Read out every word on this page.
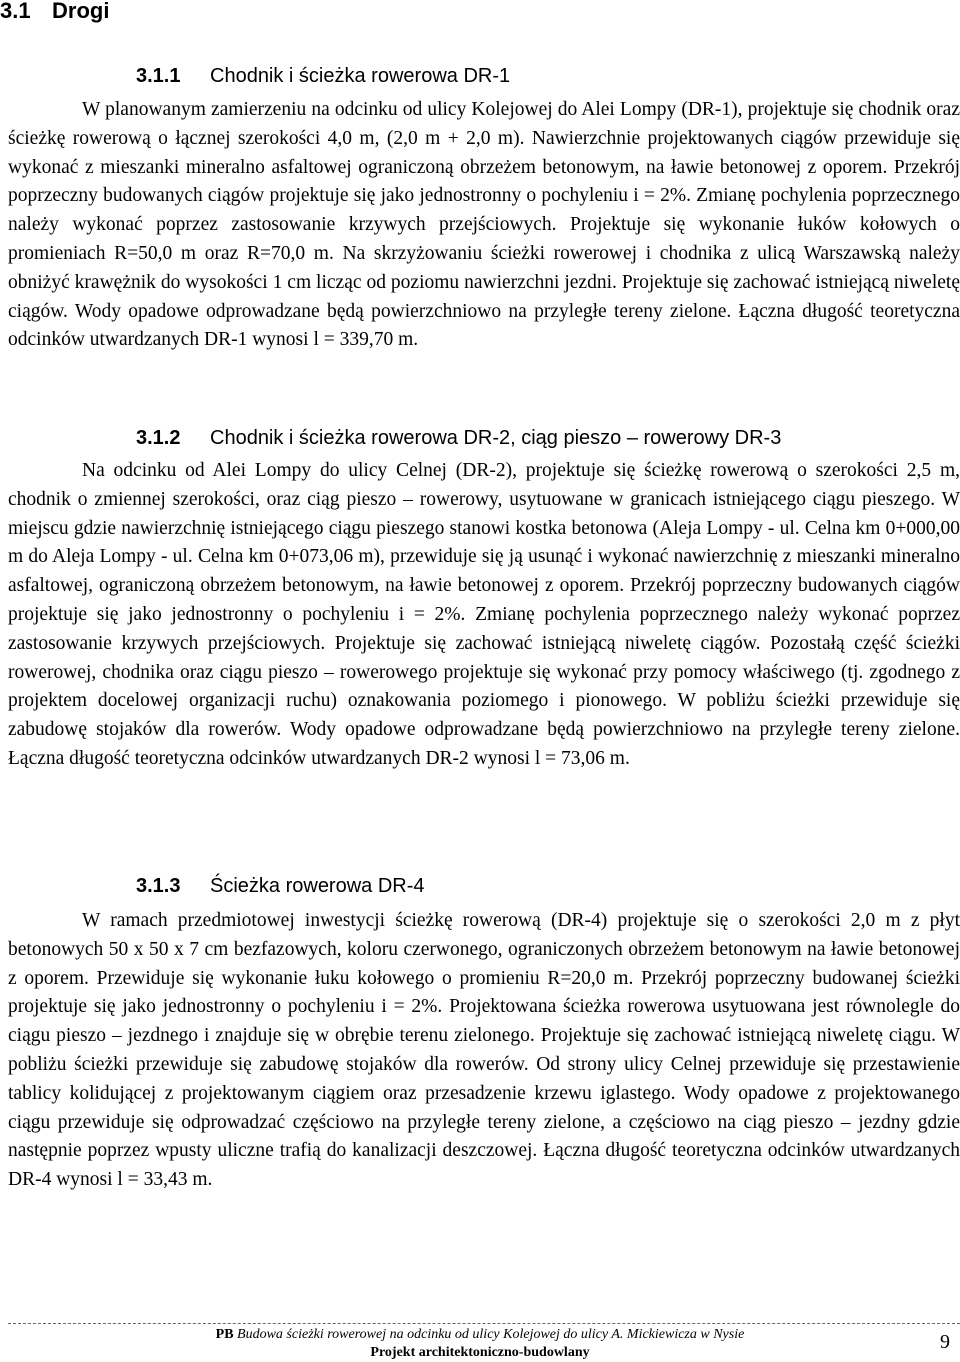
3.1 Drogi
3.1.1 Chodnik i ścieżka rowerowa DR-1

W planowanym zamierzeniu na odcinku od ulicy Kolejowej do Alei Lompy (DR-1), projektuje się chodnik oraz ścieżkę rowerową o łącznej szerokości 4,0 m, (2,0 m + 2,0 m). Nawierzchnie projektowanych ciągów przewiduje się wykonać z mieszanki mineralno asfaltowej ograniczoną obrzeżem betonowym, na ławie betonowej z oporem. Przekrój poprzeczny budowanych ciągów projektuje się jako jednostronny o pochyleniu i = 2%. Zmianę pochylenia poprzecznego należy wykonać poprzez zastosowanie krzywych przejściowych. Projektuje się wykonanie łuków kołowych o promieniach R=50,0 m oraz R=70,0 m. Na skrzyżowaniu ścieżki rowerowej i chodnika z ulicą Warszawską należy obniżyć krawężnik do wysokości 1 cm licząc od poziomu nawierzchni jezdni. Projektuje się zachować istniejącą niweletę ciągów. Wody opadowe odprowadzane będą powierzchniowo na przyległe tereny zielone. Łączna długość teoretyczna odcinków utwardzanych DR-1 wynosi l = 339,70 m.

3.1.2 Chodnik i ścieżka rowerowa DR-2, ciąg pieszo – rowerowy DR-3

Na odcinku od Alei Lompy do ulicy Celnej (DR-2), projektuje się ścieżkę rowerową o szerokości 2,5 m, chodnik o zmiennej szerokości, oraz ciąg pieszo – rowerowy, usytuowane w granicach istniejącego ciągu pieszego. W miejscu gdzie nawierzchnię istniejącego ciągu pieszego stanowi kostka betonowa (Aleja Lompy - ul. Celna km 0+000,00 m do Aleja Lompy - ul. Celna km 0+073,06 m), przewiduje się ją usunąć i wykonać nawierzchnię z mieszanki mineralno asfaltowej, ograniczoną obrzeżem betonowym, na ławie betonowej z oporem. Przekrój poprzeczny budowanych ciągów projektuje się jako jednostronny o pochyleniu i = 2%. Zmianę pochylenia poprzecznego należy wykonać poprzez zastosowanie krzywych przejściowych. Projektuje się zachować istniejącą niweletę ciągów. Pozostałą część ścieżki rowerowej, chodnika oraz ciągu pieszo – rowerowego projektuje się wykonać przy pomocy właściwego (tj. zgodnego z projektem docelowej organizacji ruchu) oznakowania poziomego i pionowego. W pobliżu ścieżki przewiduje się zabudowę stojaków dla rowerów. Wody opadowe odprowadzane będą powierzchniowo na przyległe tereny zielone. Łączna długość teoretyczna odcinków utwardzanych DR-2 wynosi l = 73,06 m.

3.1.3 Ścieżka rowerowa DR-4

W ramach przedmiotowej inwestycji ścieżkę rowerową (DR-4) projektuje się o szerokości 2,0 m z płyt betonowych 50 x 50 x 7 cm bezfazowych, koloru czerwonego, ograniczonych obrzeżem betonowym na ławie betonowej z oporem. Przewiduje się wykonanie łuku kołowego o promieniu R=20,0 m. Przekrój poprzeczny budowanej ścieżki projektuje się jako jednostronny o pochyleniu i = 2%. Projektowana ścieżka rowerowa usytuowana jest równolegle do ciągu pieszo – jezdnego i znajduje się w obrębie terenu zielonego. Projektuje się zachować istniejącą niweletę ciągu. W pobliżu ścieżki przewiduje się zabudowę stojaków dla rowerów. Od strony ulicy Celnej przewiduje się przestawienie tablicy kolidującej z projektowanym ciągiem oraz przesadzenie krzewu iglastego. Wody opadowe z projektowanego ciągu przewiduje się odprowadzać częściowo na przyległe tereny zielone, a częściowo na ciąg pieszo – jezdny gdzie następnie poprzez wpusty uliczne trafią do kanalizacji deszczowej. Łączna długość teoretyczna odcinków utwardzanych DR-4 wynosi l = 33,43 m.

PB Budowa ścieżki rowerowej na odcinku od ulicy Kolejowej do ulicy A. Mickiewicza w Nysie
Projekt architektoniczno-budowlany	9
